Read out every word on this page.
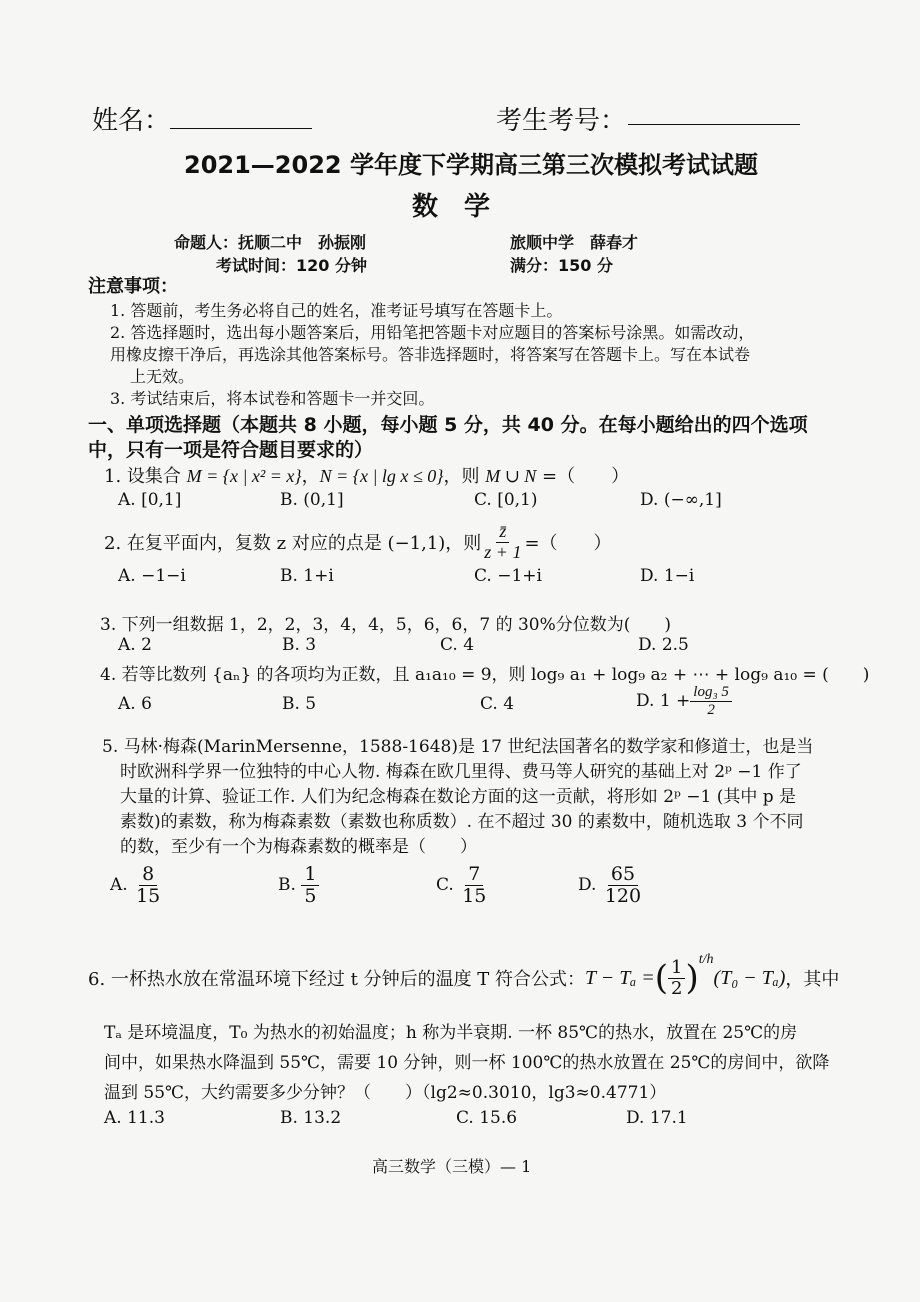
姓名：	考生考号：
2021—2022 学年度下学期高三第三次模拟考试试题
数　学
命题人：抚顺二中　孙振刚	旅顺中学　薛春才
考试时间：120 分钟	满分：150 分
注意事项：
1. 答题前，考生务必将自己的姓名，准考证号填写在答题卡上。
2. 答选择题时，选出每小题答案后，用铅笔把答题卡对应题目的答案标号涂黑。如需改动，
用橡皮擦干净后，再选涂其他答案标号。答非选择题时，将答案写在答题卡上。写在本试卷
上无效。
3. 考试结束后，将本试卷和答题卡一并交回。
一、单项选择题（本题共 8 小题，每小题 5 分，共 40 分。在每小题给出的四个选项
中，只有一项是符合题目要求的）
1. 设集合 M = {x | x² = x}，N = {x | lg x ≤ 0}，则 M ∪ N =（　　）
A. [0,1]	B. (0,1]	C. [0,1)	D. (−∞,1]
2. 在复平面内，复数 z 对应的点是 (−1,1)，则 $\frac{z̄}{z + 1}$ =（　　）
A. −1−i	B. 1+i	C. −1+i	D. 1−i
3. 下列一组数据 1，2，2，3，4，4，5，6，6，7 的 30%分位数为(　　)
A. 2	B. 3	C. 4	D. 2.5
4. 若等比数列 {aₙ} 的各项均为正数，且 a₁a₁₀ = 9，则 log₉ a₁ + log₉ a₂ + ⋯ + log₉ a₁₀ = (　　)
A. 6	B. 5	C. 4	D. $1 + \frac{\text{log₃ 5}}{2}$
5. 马林·梅森(MarinMersenne，1588-1648)是 17 世纪法国著名的数学家和修道士，也是当
时欧洲科学界一位独特的中心人物. 梅森在欧几里得、费马等人研究的基础上对 2ᵖ −1 作了
大量的计算、验证工作. 人们为纪念梅森在数论方面的这一贡献，将形如 2ᵖ −1 (其中 p 是
素数)的素数，称为梅森素数（素数也称质数）. 在不超过 30 的素数中，随机选取 3 个不同
的数，至少有一个为梅森素数的概率是（　　）
A.
$\frac{8}{15}$	B.
$\frac{1}{5}$	C.
$\frac{7}{15}$	D.
$\frac{65}{120}$
6. 一杯热水放在常温环境下经过 t 分钟后的温度 T 符合公式： T − Tₐ = ( $\frac{1}{2}$ ) t/h
(T₀ − Tₐ) ，其中
Tₐ 是环境温度，T₀ 为热水的初始温度；h 称为半衰期. 一杯 85℃的热水，放置在 25℃的房
间中，如果热水降温到 55℃，需要 10 分钟，则一杯 100℃的热水放置在 25℃的房间中，欲降
温到 55℃，大约需要多少分钟？（　　）（lg2≈0.3010，lg3≈0.4771）
A. 11.3	B. 13.2	C. 15.6	D. 17.1
高三数学（三模）— 1
